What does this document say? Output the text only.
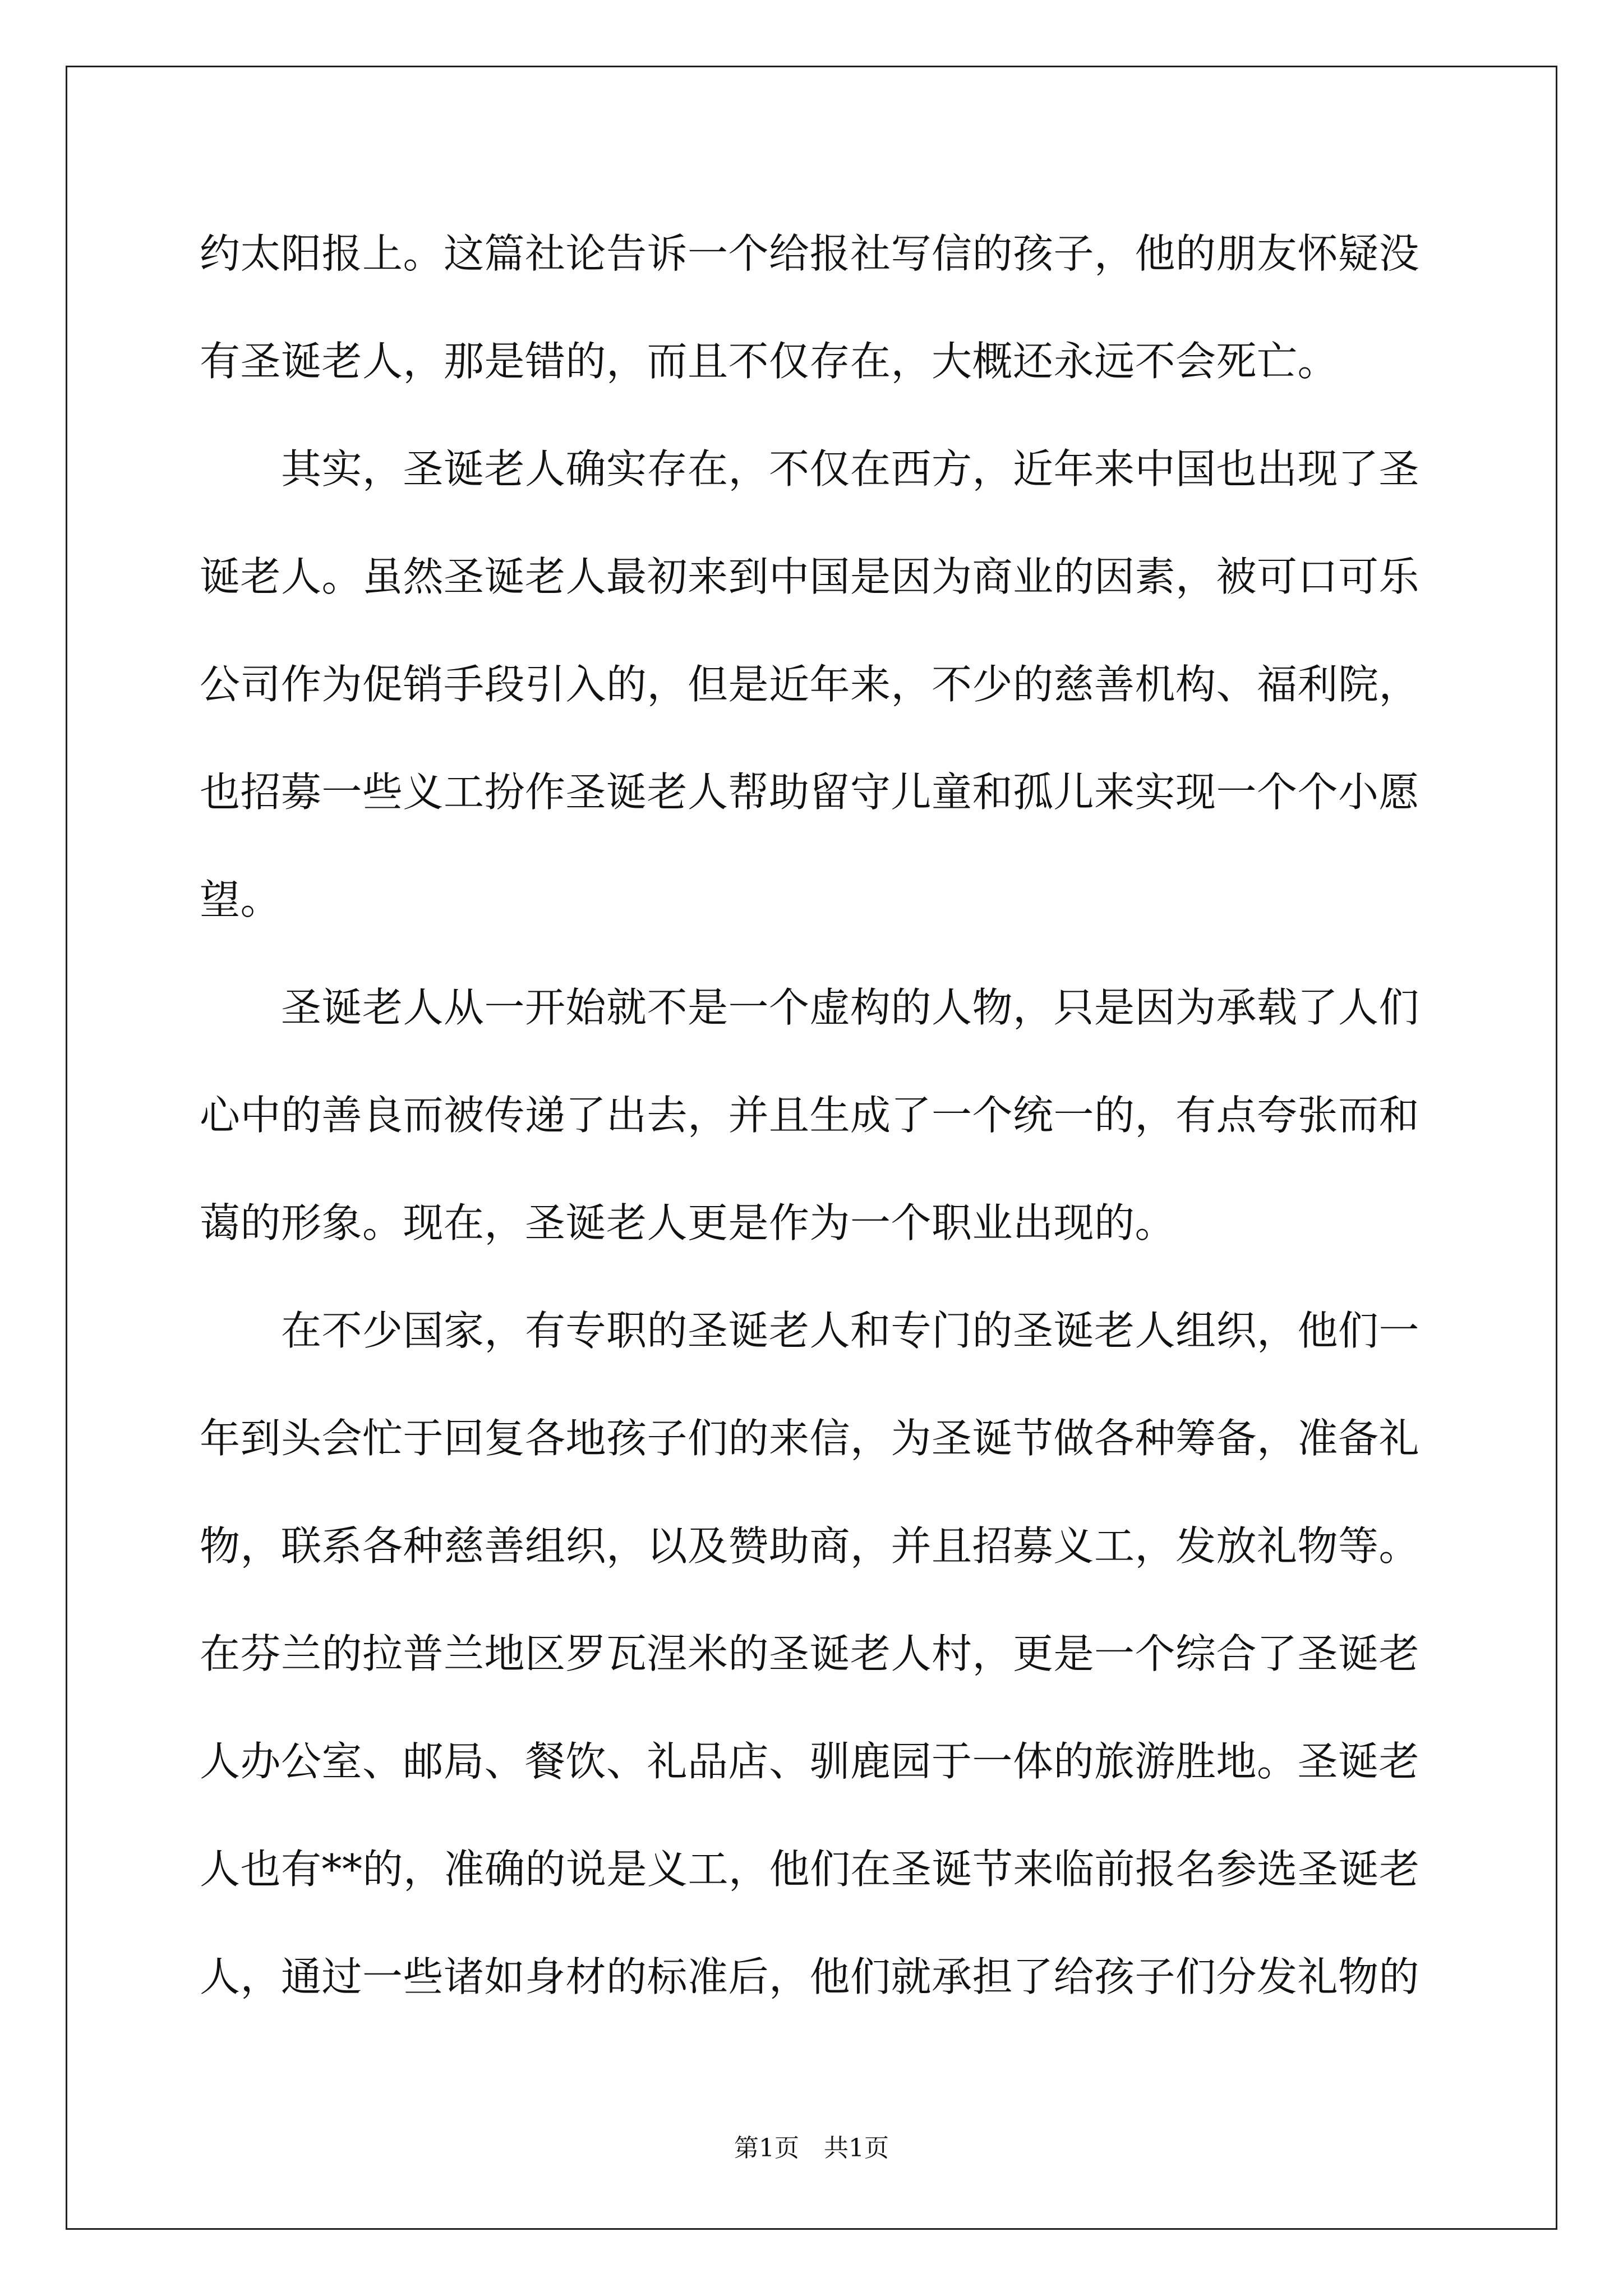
约太阳报上。这篇社论告诉一个给报社写信的孩子，他的朋友怀疑没
有圣诞老人，那是错的，而且不仅存在，大概还永远不会死亡。
　　其实，圣诞老人确实存在，不仅在西方，近年来中国也出现了圣
诞老人。虽然圣诞老人最初来到中国是因为商业的因素，被可口可乐
公司作为促销手段引入的，但是近年来，不少的慈善机构、福利院，
也招募一些义工扮作圣诞老人帮助留守儿童和孤儿来实现一个个小愿
望。
　　圣诞老人从一开始就不是一个虚构的人物，只是因为承载了人们
心中的善良而被传递了出去，并且生成了一个统一的，有点夸张而和
蔼的形象。现在，圣诞老人更是作为一个职业出现的。
　　在不少国家，有专职的圣诞老人和专门的圣诞老人组织，他们一
年到头会忙于回复各地孩子们的来信，为圣诞节做各种筹备，准备礼
物，联系各种慈善组织，以及赞助商，并且招募义工，发放礼物等。
在芬兰的拉普兰地区罗瓦涅米的圣诞老人村，更是一个综合了圣诞老
人办公室、邮局、餐饮、礼品店、驯鹿园于一体的旅游胜地。圣诞老
人也有**的，准确的说是义工，他们在圣诞节来临前报名参选圣诞老
人，通过一些诸如身材的标准后，他们就承担了给孩子们分发礼物的
第1页　共1页
